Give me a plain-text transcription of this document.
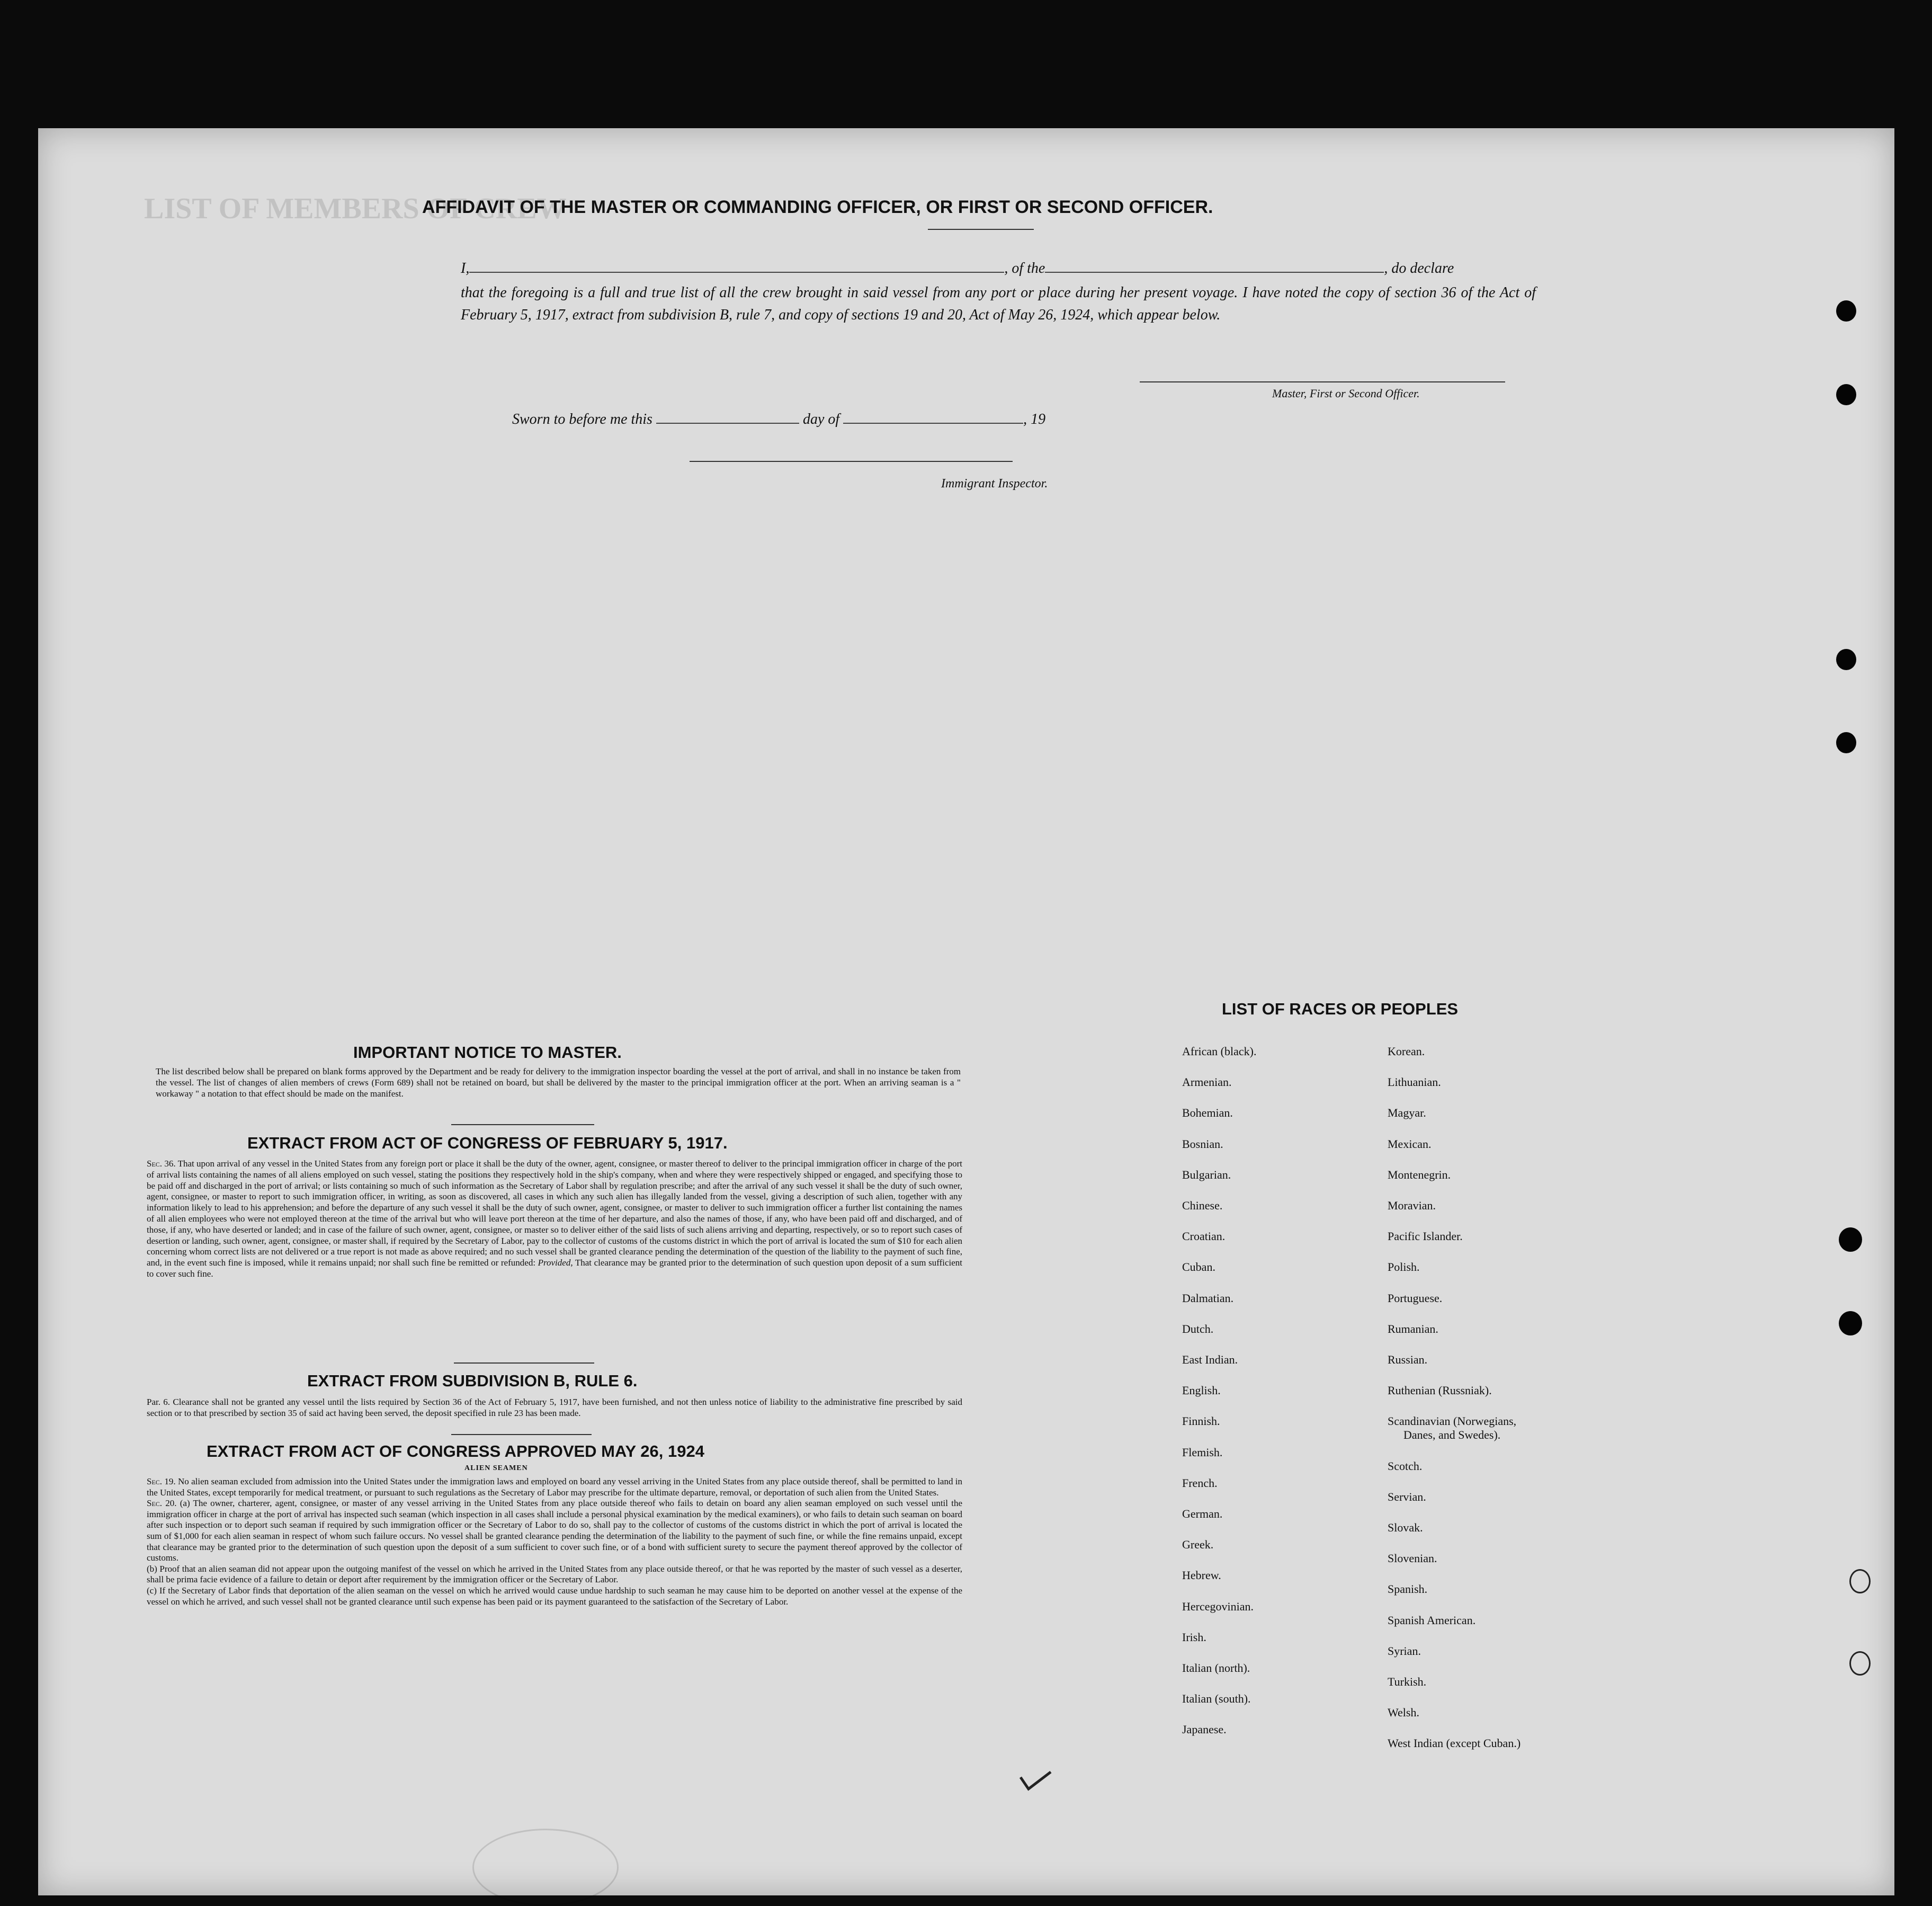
AFFIDAVIT OF THE MASTER OR COMMANDING OFFICER, OR FIRST OR SECOND OFFICER.
I,	, of the	, do declare
that the foregoing is a full and true list of all the crew brought in said vessel from any port or place during her present voyage. I have noted the copy of section 36 of the Act of February 5, 1917, extract from subdivision B, rule 7, and copy of sections 19 and 20, Act of May 26, 1924, which appear below.
Master, First or Second Officer.
Sworn to before me this	day of	, 19
Immigrant Inspector.
LIST OF MEMBERS OF CREW

IMPORTANT NOTICE TO MASTER.
The list described below shall be prepared on blank forms approved by the Department and be ready for delivery to the immigration inspector boarding the vessel at the port of arrival, and shall in no instance be taken from the vessel. The list of changes of alien members of crews (Form 689) shall not be retained on board, but shall be delivered by the master to the principal immigration officer at the port. When an arriving seaman is a " workaway " a notation to that effect should be made on the manifest.
EXTRACT FROM ACT OF CONGRESS OF FEBRUARY 5, 1917.
Sec. 36. That upon arrival of any vessel in the United States from any foreign port or place it shall be the duty of the owner, agent, consignee, or master thereof to deliver to the principal immigration officer in charge of the port of arrival lists containing the names of all aliens employed on such vessel, stating the positions they respectively hold in the ship's company, when and where they were respectively shipped or engaged, and specifying those to be paid off and discharged in the port of arrival; or lists containing so much of such information as the Secretary of Labor shall by regulation prescribe; and after the arrival of any such vessel it shall be the duty of such owner, agent, consignee, or master to report to such immigration officer, in writing, as soon as discovered, all cases in which any such alien has illegally landed from the vessel, giving a description of such alien, together with any information likely to lead to his apprehension; and before the departure of any such vessel it shall be the duty of such owner, agent, consignee, or master to deliver to such immigration officer a further list containing the names of all alien employees who were not employed thereon at the time of the arrival but who will leave port thereon at the time of her departure, and also the names of those, if any, who have been paid off and discharged, and of those, if any, who have deserted or landed; and in case of the failure of such owner, agent, consignee, or master so to deliver either of the said lists of such aliens arriving and departing, respectively, or so to report such cases of desertion or landing, such owner, agent, consignee, or master shall, if required by the Secretary of Labor, pay to the collector of customs of the customs district in which the port of arrival is located the sum of $10 for each alien concerning whom correct lists are not delivered or a true report is not made as above required; and no such vessel shall be granted clearance pending the determination of the question of the liability to the payment of such fine, and, in the event such fine is imposed, while it remains unpaid; nor shall such fine be remitted or refunded: Provided, That clearance may be granted prior to the determination of such question upon deposit of a sum sufficient to cover such fine.
EXTRACT FROM SUBDIVISION B, RULE 6.
Par. 6. Clearance shall not be granted any vessel until the lists required by Section 36 of the Act of February 5, 1917, have been furnished, and not then unless notice of liability to the administrative fine prescribed by said section or to that prescribed by section 35 of said act having been served, the deposit specified in rule 23 has been made.
EXTRACT FROM ACT OF CONGRESS APPROVED MAY 26, 1924
ALIEN SEAMEN
Sec. 19. No alien seaman excluded from admission into the United States under the immigration laws and employed on board any vessel arriving in the United States from any place outside thereof, shall be permitted to land in the United States, except temporarily for medical treatment, or pursuant to such regulations as the Secretary of Labor may prescribe for the ultimate departure, removal, or deportation of such alien from the United States.
Sec. 20. (a) The owner, charterer, agent, consignee, or master of any vessel arriving in the United States from any place outside thereof who fails to detain on board any alien seaman employed on such vessel until the immigration officer in charge at the port of arrival has inspected such seaman (which inspection in all cases shall include a personal physical examination by the medical examiners), or who fails to detain such seaman on board after such inspection or to deport such seaman if required by such immigration officer or the Secretary of Labor to do so, shall pay to the collector of customs of the customs district in which the port of arrival is located the sum of $1,000 for each alien seaman in respect of whom such failure occurs. No vessel shall be granted clearance pending the determination of the liability to the payment of such fine, or while the fine remains unpaid, except that clearance may be granted prior to the determination of such question upon the deposit of a sum sufficient to cover such fine, or of a bond with sufficient surety to secure the payment thereof approved by the collector of customs.
(b) Proof that an alien seaman did not appear upon the outgoing manifest of the vessel on which he arrived in the United States from any place outside thereof, or that he was reported by the master of such vessel as a deserter, shall be prima facie evidence of a failure to detain or deport after requirement by the immigration officer or the Secretary of Labor.
(c) If the Secretary of Labor finds that deportation of the alien seaman on the vessel on which he arrived would cause undue hardship to such seaman he may cause him to be deported on another vessel at the expense of the vessel on which he arrived, and such vessel shall not be granted clearance until such expense has been paid or its payment guaranteed to the satisfaction of the Secretary of Labor.
LIST OF RACES OR PEOPLES
African (black).
Armenian.
Bohemian.
Bosnian.
Bulgarian.
Chinese.
Croatian.
Cuban.
Dalmatian.
Dutch.
East Indian.
English.
Finnish.
Flemish.
French.
German.
Greek.
Hebrew.
Hercegovinian.
Irish.
Italian (north).
Italian (south).
Japanese.
Korean.
Lithuanian.
Magyar.
Mexican.
Montenegrin.
Moravian.
Pacific Islander.
Polish.
Portuguese.
Rumanian.
Russian.
Ruthenian (Russniak).
Scandinavian (Norwegians,
Danes, and Swedes).
Scotch.
Servian.
Slovak.
Slovenian.
Spanish.
Spanish American.
Syrian.
Turkish.
Welsh.
West Indian (except Cuban.)
